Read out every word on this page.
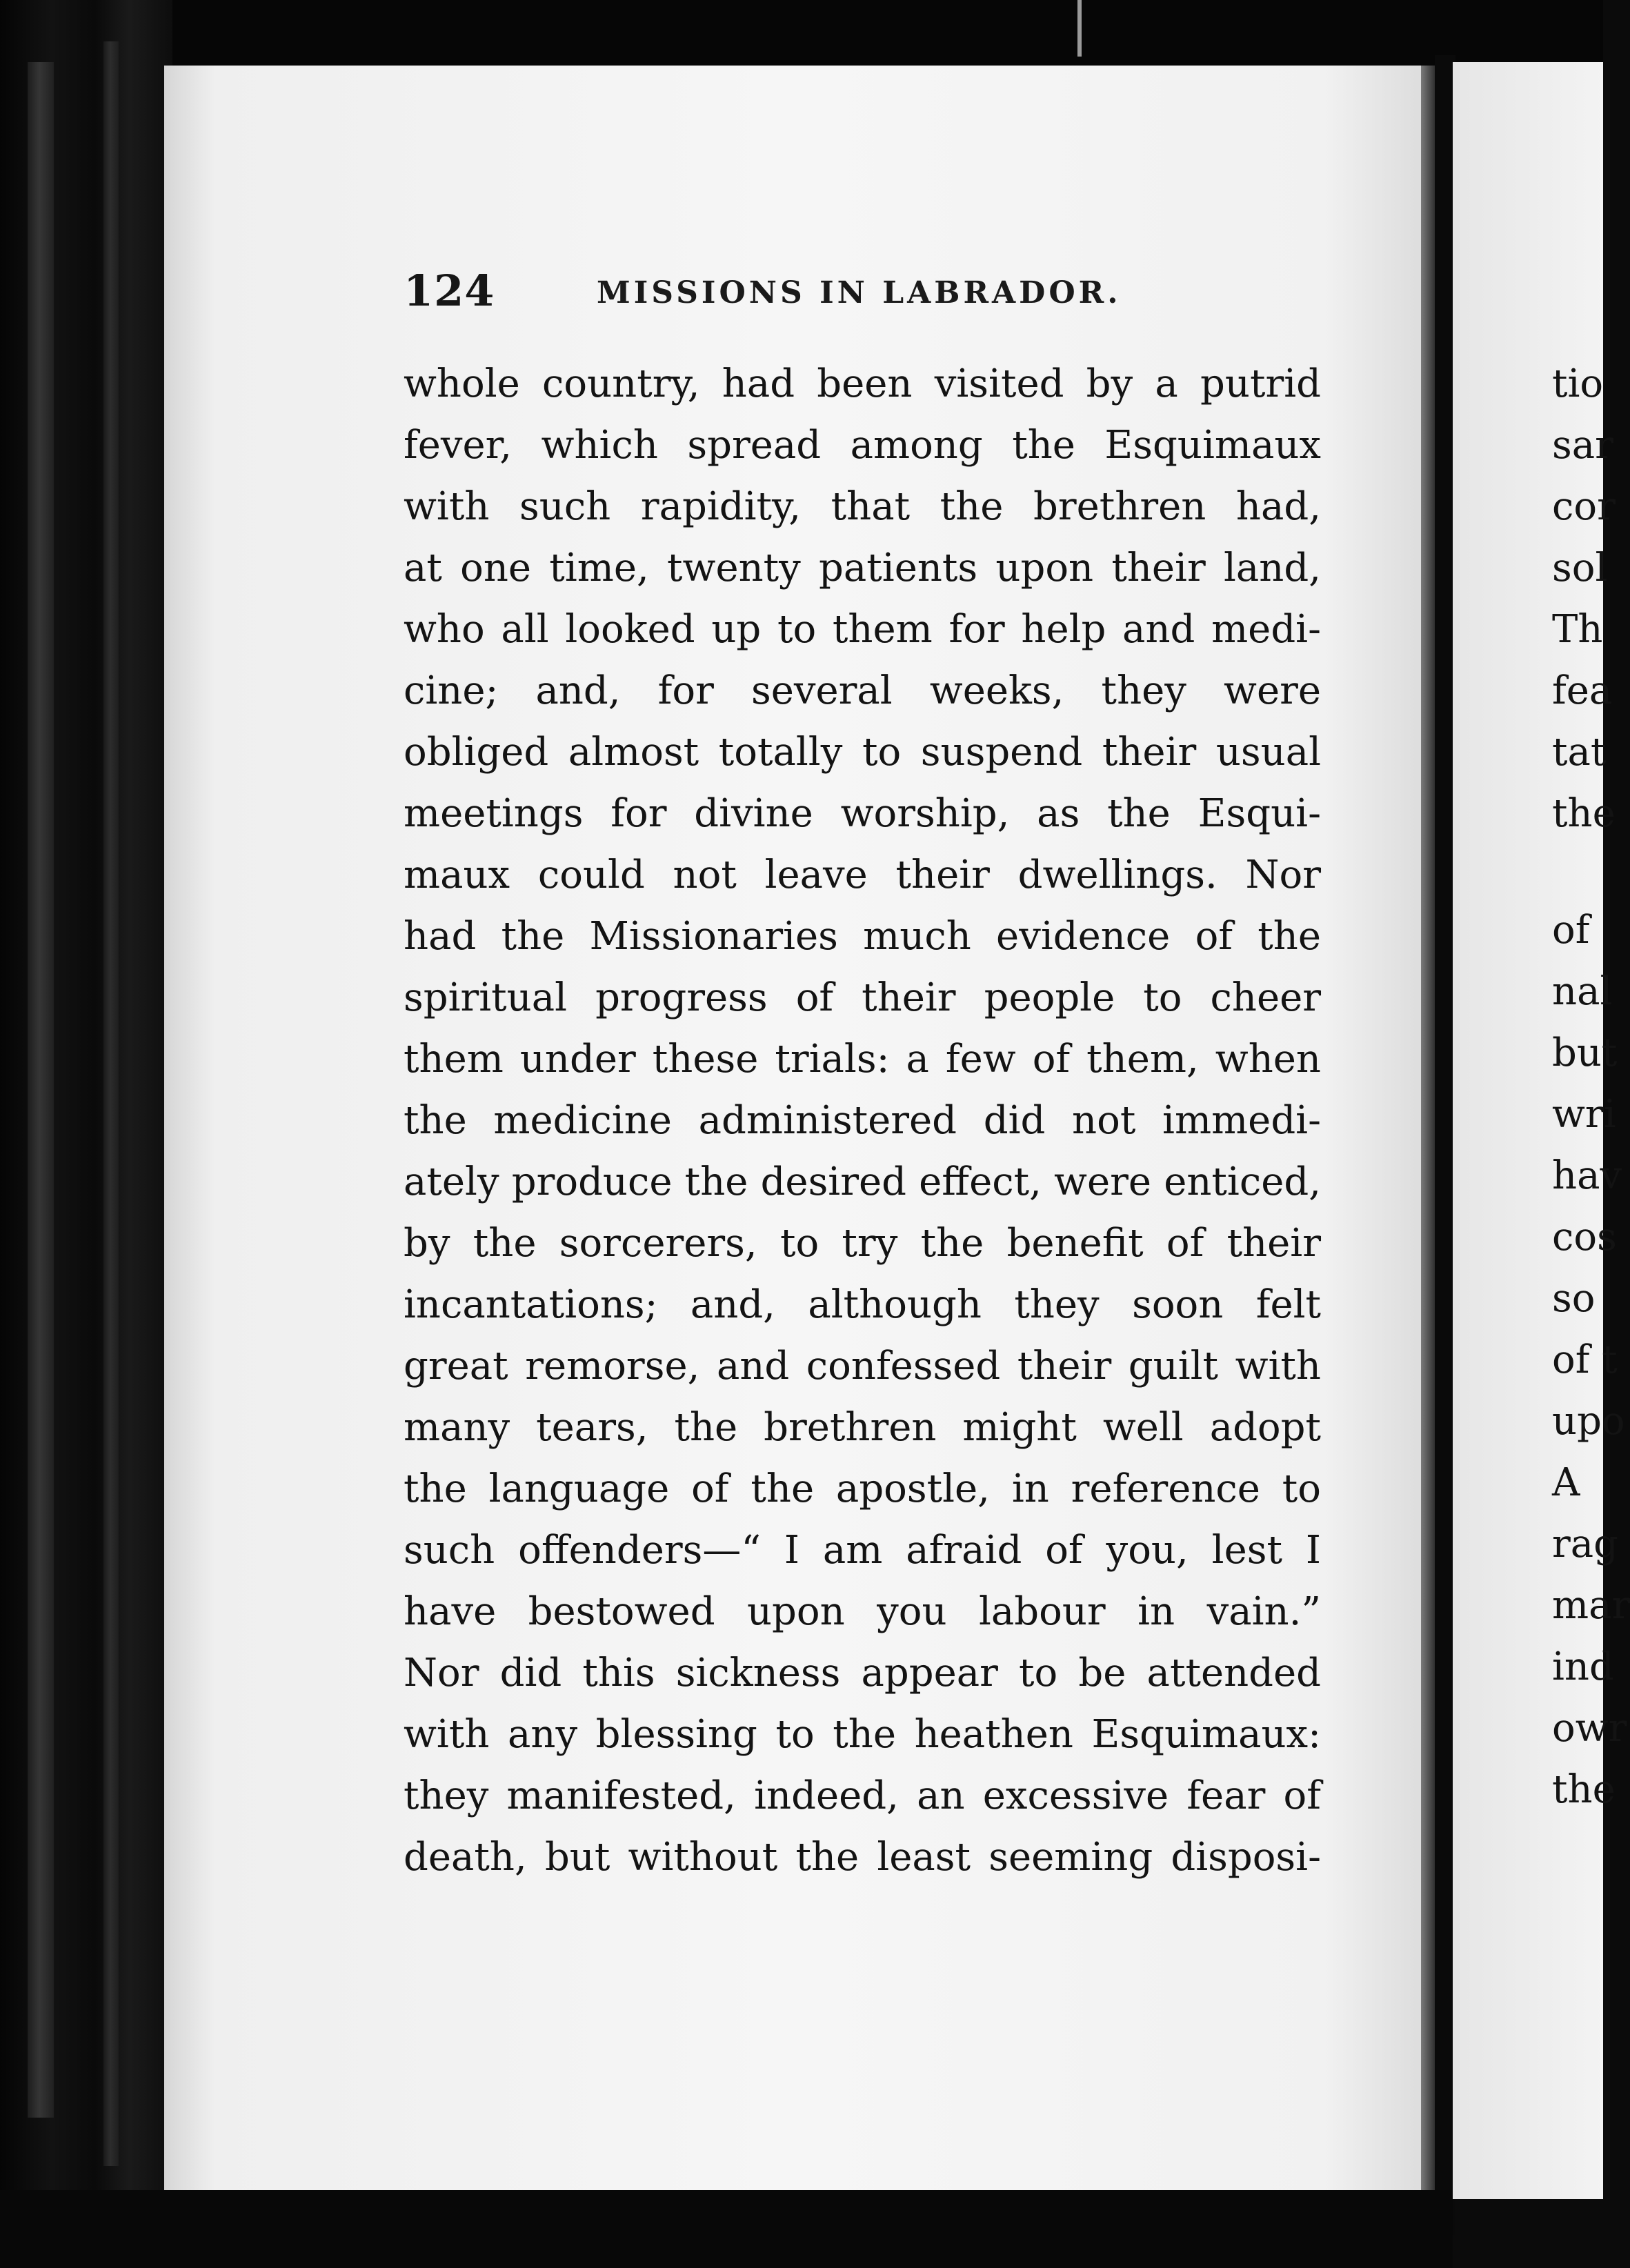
124	MISSIONS IN LABRADOR.
whole country, had been visited by a putrid
fever, which spread among the Esquimaux
with such rapidity, that the brethren had,
at one time, twenty patients upon their land,
who all looked up to them for help and medi-
cine; and, for several weeks, they were
obliged almost totally to suspend their usual
meetings for divine worship, as the Esqui-
maux could not leave their dwellings. Nor
had the Missionaries much evidence of the
spiritual progress of their people to cheer
them under these trials: a few of them, when
the medicine administered did not immedi-
ately produce the desired effect, were enticed,
by the sorcerers, to try the benefit of their
incantations; and, although they soon felt
great remorse, and confessed their guilt with
many tears, the brethren might well adopt
the language of the apostle, in reference to
such offenders—“ I am afraid of you, lest I
have bestowed upon you labour in vain.”
Nor did this sickness appear to be attended
with any blessing to the heathen Esquimaux:
they manifested, indeed, an excessive fear of
death, but without the least seeming disposi-
tio
sar
cor
sol
Th
fea
tat
the
of
nal
but
wri
hav
cos
so
of t
upo
A
rag
mar
ind
owr
the
